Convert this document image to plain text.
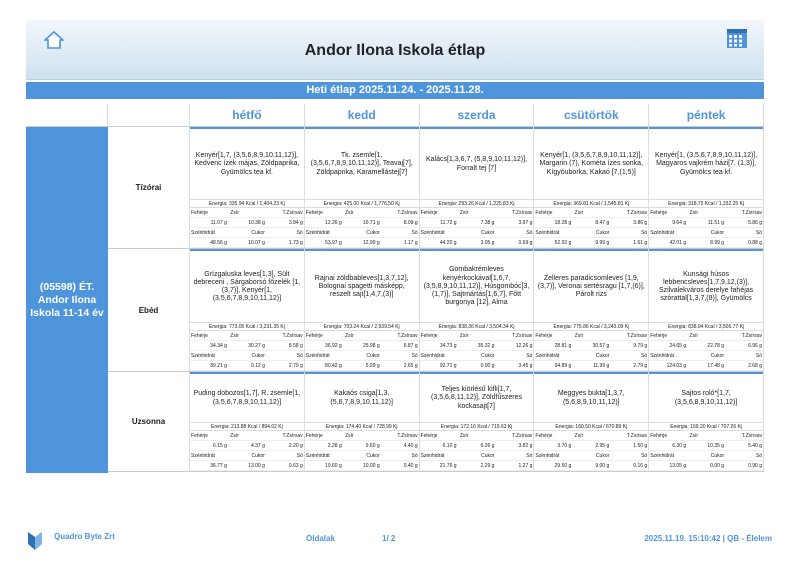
Andor Ilona Iskola étlap
Heti étlap 2025.11.24. - 2025.11.28.
hétfő	kedd	szerda	csütörtök	péntek
(05598) ÉT. Andor Ilona Iskola 11-14 év
Tízórai
Kenyér[1,7, (3,5,6,8,9,10,11,12)], Kedvenc ízek májas, Zöldpaprika, Gyümölcs tea kf.
Energia: 335.94 Kcal / 1,404.23 Kj
Fehérje	Zsír	T.Zsírsav
11.07 g	10.38 g	3.84 g
Szénhidrát	Cukor	Só
48.56 g	10.07 g	1.73 g
Tk. zsemle[1, (3,5,6,7,8,9,10,11,12)], Teavaj[7], Zöldpaprika, Karamellástej[7]
Energia: 425.00 Kcal / 1,776.50 Kj
Fehérje	Zsír	T.Zsírsav
12.26 g	16.71 g	8.09 g
Szénhidrát	Cukor	Só
53.97 g	12.99 g	1.17 g
Kalács[1,3,6,7, (5,8,9,10,11,12)], Forralt tej [7]
Energia: 293.26 Kcal / 1,225.83 Kj
Fehérje	Zsír	T.Zsírsav
11.72 g	7.38 g	3.97 g
Szénhidrát	Cukor	Só
44.20 g	3.05 g	0.69 g
Kenyér[1, (3,5,6,7,8,9,10,11,12)], Margarin (7), Kométa ízes sonka, Kígyóuborka, Kakaó [7,(1,5)]
Energia: 369.81 Kcal / 1,545.81 Kj
Fehérje	Zsír	T.Zsírsav
18.28 g	8.47 g	3.86 g
Szénhidrát	Cukor	Só
52.92 g	9.99 g	1.61 g
Kenyér[1, (3,5,6,7,8,9,10,11,12)], Magyaros vajkrém házi[7, (1,3)], Gyümölcs tea kf.
Energia: 318.72 Kcal / 1,332.25 Kj
Fehérje	Zsír	T.Zsírsav
9.64 g	11.51 g	5.86 g
Szénhidrát	Cukor	Só
42.01 g	8.99 g	0.88 g
Ebéd
Grízgaluska leves[1,3], Sült debreceni , Sárgaborsó főzelék [1,(3,7)], Kenyér[1, (3,5,6,7,8,9,10,11,12)]
Energia: 773.05 Kcal / 3,231.35 Kj
Fehérje	Zsír	T.Zsírsav
34.34 g	30.27 g	8.58 g
Szénhidrát	Cukor	Só
89.21 g	0.12 g	2.79 g
Rajnai zöldbableves[1,3,7,12], Bolognai spagetti másképp, reszelt sajt[1,4,7,(3)]
Energia: 703.24 Kcal / 2,939.54 Kj
Fehérje	Zsír	T.Zsírsav
36.92 g	25.98 g	6.87 g
Szénhidrát	Cukor	Só
80.42 g	5.99 g	2.65 g
Gombakrémleves kenyérkockával[1,6,7, (3,5,8,9,10,11,12)], Húsgombóc[3,(1,7)], Sajtmártás[1,6,7], Főtt burgonya [12], Alma
Energia: 838.36 Kcal / 3,504.34 Kj
Fehérje	Zsír	T.Zsírsav
34.73 g	35.32 g	12.26 g
Szénhidrát	Cukor	Só
92.71 g	0.00 g	3.45 g
Zelleres paradicsomleves [1,9,(3,7)], Veronai sertésragu [1,7,(6)], Párolt rizs
Energia: 775.86 Kcal / 3,243.09 Kj
Fehérje	Zsír	T.Zsírsav
28.81 g	30.57 g	9.79 g
Szénhidrát	Cukor	Só
94.89 g	11.99 g	2.79 g
Kunsági húsos lebbencsleves[1,7,9,12,(3)], Szilvalekváros derelye fahéjas szórattal[1,3,7,(8)], Gyümölcs
Energia: 838.94 Kcal / 3,506.77 Kj
Fehérje	Zsír	T.Zsírsav
24.65 g	22.78 g	6.96 g
Szénhidrát	Cukor	Só
124.03 g	17.48 g	2.68 g
Uzsonna
Puding dobozos[1,7], R. zsemle[1, (3,5,6,7,8,9,10,11,12)]
Energia: 213.88 Kcal / 894.02 Kj
Fehérje	Zsír	T.Zsírsav
6.15 g	4.37 g	2.20 g
Szénhidrát	Cukor	Só
36.77 g	13.00 g	0.63 g
Kakaós csiga[1,3, (5,6,7,8,9,10,11,12)]
Energia: 174.40 Kcal / 728.99 Kj
Fehérje	Zsír	T.Zsírsav
2.28 g	9.60 g	4.40 g
Szénhidrát	Cukor	Só
19.60 g	10.00 g	0.40 g
Teljes kiörlésű kifli[1,7, (3,5,6,8,11,12)], Zöldfűszeres kockasajt[7]
Energia: 172.16 Kcal / 719.63 Kj
Fehérje	Zsír	T.Zsírsav
6.10 g	6.26 g	3.82 g
Szénhidrát	Cukor	Só
21.76 g	2.29 g	1.27 g
Meggyes bukta[1,3,7, (5,6,8,9,10,11,12)]
Energia: 160.50 Kcal / 670.89 Kj
Fehérje	Zsír	T.Zsírsav
3.70 g	2.95 g	1.50 g
Szénhidrát	Cukor	Só
29.50 g	9.00 g	0.16 g
Sajtos roló*[1,7, (3,5,6,8,9,10,11,12)]
Energia: 169.20 Kcal / 707.26 Kj
Fehérje	Zsír	T.Zsírsav
6.30 g	10.35 g	5.40 g
Szénhidrát	Cukor	Só
13.05 g	0.00 g	0.90 g
Quadro Byte Zrt	Oldalak	1/ 2	2025.11.19. 15:10:42 | QB - Élelem
